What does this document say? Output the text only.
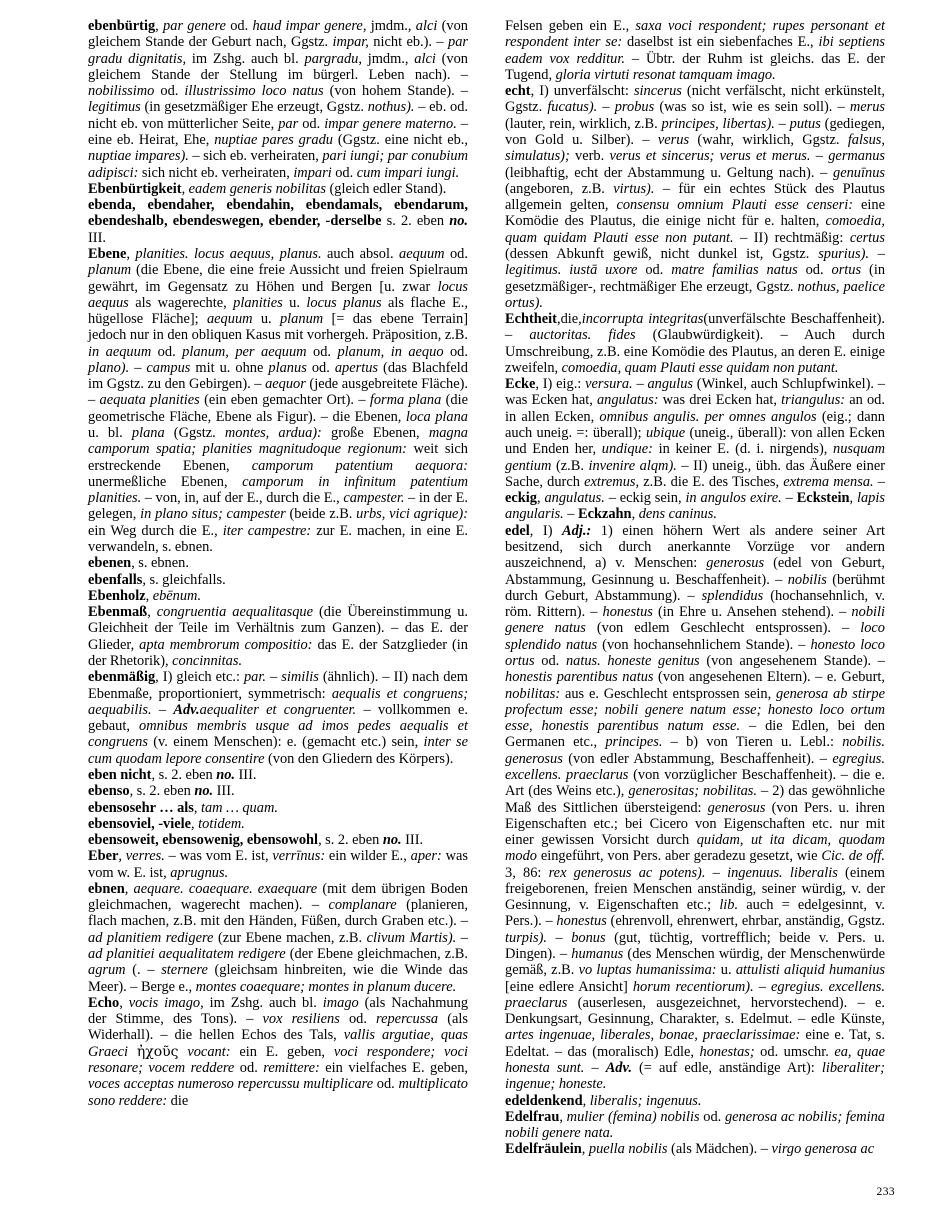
ebenbürtig, par genere od. haud impar genere, jmdm., alci (von gleichem Stande der Geburt nach, Ggstz. impar, nicht eb.). – par gradu dignitatis, im Zshg. auch bl. pargradu, jmdm., alci (von gleichem Stande der Stellung im bürgerl. Leben nach). – nobilissimo od. illustrissimo loco natus (von hohem Stande). – legitimus (in gesetzmäßiger Ehe erzeugt, Ggstz. nothus). – eb. od. nicht eb. von mütterlicher Seite, par od. impar genere materno. – eine eb. Heirat, Ehe, nuptiae pares gradu (Ggstz. eine nicht eb., nuptiae impares). – sich eb. verheiraten, pari iungi; par conubium adipisci: sich nicht eb. verheiraten, impari od. cum impari iungi.

Ebenbürtigkeit, eadem generis nobilitas (gleich edler Stand).

ebenda, ebendaher, ebendahin, ebendamals, ebendarum, ebendeshalb, ebendeswegen, ebender, -derselbe s. 2. eben no. III.

Ebene, planities. locus aequus, planus. auch absol. aequum od. planum (die Ebene, die eine freie Aussicht und freien Spielraum gewährt, im Gegensatz zu Höhen und Bergen [u. zwar locus aequus als wagerechte, planities u. locus planus als flache E., hügellose Fläche]; aequum u. planum [= das ebene Terrain] jedoch nur in den obliquen Kasus mit vorhergeh. Präposition, z.B. in aequum od. planum, per aequum od. planum, in aequo od. plano). – campus mit u. ohne planus od. apertus (das Blachfeld im Ggstz. zu den Gebirgen). – aequor (jede ausgebreitete Fläche). – aequata planities (ein eben gemachter Ort). – forma plana (die geometrische Fläche, Ebene als Figur). – die Ebenen, loca plana u. bl. plana (Ggstz. montes, ardua): große Ebenen, magna camporum spatia; planities magnitudoque regionum: weit sich erstreckende Ebenen, camporum patentium aequora: unermeßliche Ebenen, camporum in infinitum patentium planities. – von, in, auf der E., durch die E., campester. – in der E. gelegen, in plano situs; campester (beide z.B. urbs, vici agrique): ein Weg durch die E., iter campestre: zur E. machen, in eine E. verwandeln, s. ebnen.

ebenen, s. ebnen.

ebenfalls, s. gleichfalls.

Ebenholz, ebēnum.

Ebenmaß, congruentia aequalitasque (die Übereinstimmung u. Gleichheit der Teile im Verhältnis zum Ganzen). – das E. der Glieder, apta membrorum compositio: das E. der Satzglieder (in der Rhetorik), concinnitas.

ebenmäßig, I) gleich etc.: par. – similis (ähnlich). – II) nach dem Ebenmaße, proportioniert, symmetrisch: aequalis et congruens; aequabilis. – Adv.aequaliter et congruenter. – vollkommen e. gebaut, omnibus membris usque ad imos pedes aequalis et congruens (v. einem Menschen): e. (gemacht etc.) sein, inter se cum quodam lepore consentire (von den Gliedern des Körpers).

eben nicht, s. 2. eben no. III.

ebenso, s. 2. eben no. III.

ebensosehr … als, tam … quam.

ebensoviel, -viele, totidem.

ebensoweit, ebensowenig, ebensowohl, s. 2. eben no. III.

Eber, verres. – was vom E. ist, verrīnus: ein wilder E., aper: was vom w. E. ist, aprugnus.

ebnen, aequare. coaequare. exaequare (mit dem übrigen Boden gleichmachen, wagerecht machen). – complanare (planieren, flach machen, z.B. mit den Händen, Füßen, durch Graben etc.). – ad planitiem redigere (zur Ebene machen, z.B. clivum Martis). – ad planitiei aequalitatem redigere (der Ebene gleichmachen, z.B. agrum (. – sternere (gleichsam hinbreiten, wie die Winde das Meer). – Berge e., montes coaequare; montes in planum ducere.

Echo, vocis imago, im Zshg. auch bl. imago (als Nachahmung der Stimme, des Tons). – vox resiliens od. repercussa (als Widerhall). – die hellen Echos des Tals, vallis argutiae, quas Graeci ἠχοῦς vocant: ein E. geben, voci respondere; voci resonare; vocem reddere od. remittere: ein vielfaches E. geben, voces acceptas numeroso repercussu multiplicare od. multiplicato sono reddere: die

Felsen geben ein E., saxa voci respondent; rupes personant et respondent inter se: daselbst ist ein siebenfaches E., ibi septiens eadem vox redditur. – Übtr. der Ruhm ist gleichs. das E. der Tugend, gloria virtuti resonat tamquam imago.

echt, I) unverfälscht: sincerus (nicht verfälscht, nicht erkünstelt, Ggstz. fucatus). – probus (was so ist, wie es sein soll). – merus (lauter, rein, wirklich, z.B. principes, libertas). – putus (gediegen, von Gold u. Silber). – verus (wahr, wirklich, Ggstz. falsus, simulatus); verb. verus et sincerus; verus et merus. – germanus (leibhaftig, echt der Abstammung u. Geltung nach). – genuīnus (angeboren, z.B. virtus). – für ein echtes Stück des Plautus allgemein gelten, consensu omnium Plauti esse censeri: eine Komödie des Plautus, die einige nicht für e. halten, comoedia, quam quidam Plauti esse non putant. – II) rechtmäßig: certus (dessen Abkunft gewiß, nicht dunkel ist, Ggstz. spurius). – legitimus. iustā uxore od. matre familias natus od. ortus (in gesetzmäßiger-, rechtmäßiger Ehe erzeugt, Ggstz. nothus, paelice ortus).

Echtheit,die,incorrupta integritas(unverfälschte Beschaffenheit). – auctoritas. fides (Glaubwürdigkeit). – Auch durch Umschreibung, z.B. eine Komödie des Plautus, an deren E. einige zweifeln, comoedia, quam Plauti esse quidam non putant.

Ecke, I) eig.: versura. – angulus (Winkel, auch Schlupfwinkel). – was Ecken hat, angulatus: was drei Ecken hat, triangulus: an od. in allen Ecken, omnibus angulis. per omnes angulos (eig.; dann auch uneig. =: überall); ubique (uneig., überall): von allen Ecken und Enden her, undique: in keiner E. (d. i. nirgends), nusquam gentium (z.B. invenire alqm). – II) uneig., übh. das Äußere einer Sache, durch extremus, z.B. die E. des Tisches, extrema mensa. – eckig, angulatus. – eckig sein, in angulos exire. – Eckstein, lapis angularis. – Eckzahn, dens caninus.

edel, I) Adj.: 1) einen höhern Wert als andere seiner Art besitzend, sich durch anerkannte Vorzüge vor andern auszeichnend, a) v. Menschen: generosus (edel von Geburt, Abstammung, Gesinnung u. Beschaffenheit). – nobilis (berühmt durch Geburt, Abstammung). – splendidus (hochansehnlich, v. röm. Rittern). – honestus (in Ehre u. Ansehen stehend). – nobili genere natus (von edlem Geschlecht entsprossen). – loco splendido natus (von hochansehnlichem Stande). – honesto loco ortus od. natus. honeste genitus (von angesehenem Stande). – honestis parentibus natus (von angesehenen Eltern). – e. Geburt, nobilitas: aus e. Geschlecht entsprossen sein, generosa ab stirpe profectum esse; nobili genere natum esse; honesto loco ortum esse, honestis parentibus natum esse. – die Edlen, bei den Germanen etc., principes. – b) von Tieren u. Lebl.: nobilis. generosus (von edler Abstammung, Beschaffenheit). – egregius. excellens. praeclarus (von vorzüglicher Beschaffenheit). – die e. Art (des Weins etc.), generositas; nobilitas. – 2) das gewöhnliche Maß des Sittlichen übersteigend: generosus (von Pers. u. ihren Eigenschaften etc.; bei Cicero von Eigenschaften etc. nur mit einer gewissen Vorsicht durch quidam, ut ita dicam, quodam modo eingeführt, von Pers. aber geradezu gesetzt, wie Cic. de off. 3, 86: rex generosus ac potens). – ingenuus. liberalis (einem freigeborenen, freien Menschen anständig, seiner würdig, v. der Gesinnung, v. Eigenschaften etc.; lib. auch = edelgesinnt, v. Pers.). – honestus (ehrenvoll, ehrenwert, ehrbar, anständig, Ggstz. turpis). – bonus (gut, tüchtig, vortrefflich; beide v. Pers. u. Dingen). – humanus (des Menschen würdig, der Menschenwürde gemäß, z.B. vo luptas humanissima: u. attulisti aliquid humanius [eine edlere Ansicht] horum recentiorum). – egregius. excellens. praeclarus (auserlesen, ausgezeichnet, hervorstechend). – e. Denkungsart, Gesinnung, Charakter, s. Edelmut. – edle Künste, artes ingenuae, liberales, bonae, praeclarissimae: eine e. Tat, s. Edeltat. – das (moralisch) Edle, honestas; od. umschr. ea, quae honesta sunt. – Adv. (= auf edle, anständige Art): liberaliter; ingenue; honeste.

edeldenkend, liberalis; ingenuus.

Edelfrau, mulier (femina) nobilis od. generosa ac nobilis; femina nobili genere nata.

Edelfräulein, puella nobilis (als Mädchen). – virgo generosa ac

233
